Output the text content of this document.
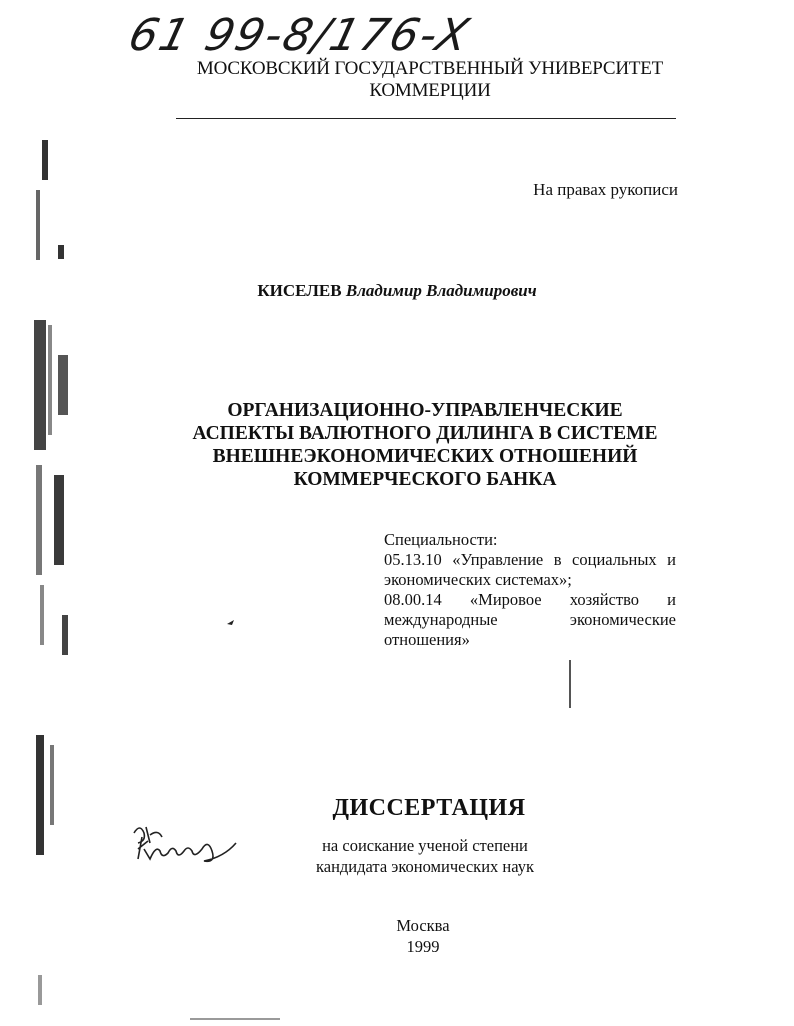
61 99-8/176-X
МОСКОВСКИЙ ГОСУДАРСТВЕННЫЙ УНИВЕРСИТЕТ
КОММЕРЦИИ
На правах рукописи
КИСЕЛЕВ Владимир Владимирович
ОРГАНИЗАЦИОННО-УПРАВЛЕНЧЕСКИЕ
АСПЕКТЫ ВАЛЮТНОГО ДИЛИНГА В СИСТЕМЕ
ВНЕШНЕЭКОНОМИЧЕСКИХ ОТНОШЕНИЙ
КОММЕРЧЕСКОГО БАНКА
Специальности:
05.13.10 «Управление в социальных и
экономических системах»;
08.00.14 «Мировое хозяйство и
международные экономические
отношения»
ДИССЕРТАЦИЯ
на соискание ученой степени
кандидата экономических наук
Москва
1999
